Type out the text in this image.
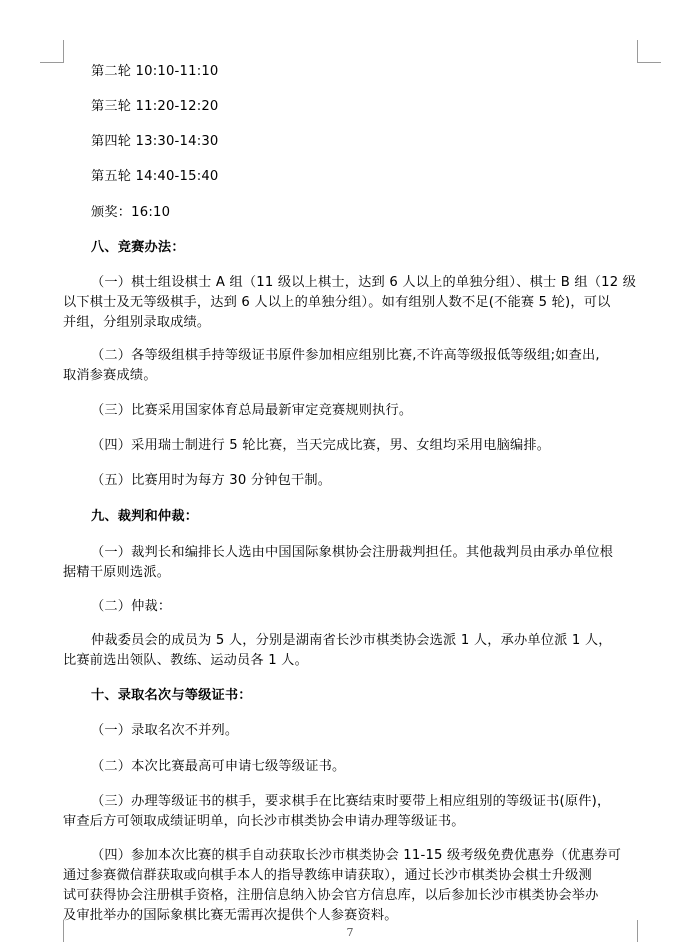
第二轮 10:10-11:10
第三轮 11:20-12:20
第四轮 13:30-14:30
第五轮 14:40-15:40
颁奖：16:10
八、竞赛办法：
（一）棋士组设棋士 A 组（11 级以上棋士，达到 6 人以上的单独分组）、棋士 B 组（12 级
以下棋士及无等级棋手，达到 6 人以上的单独分组）。如有组别人数不足(不能赛 5 轮)，可以
并组，分组别录取成绩。
（二）各等级组棋手持等级证书原件参加相应组别比赛,不许高等级报低等级组;如查出,
取消参赛成绩。
（三）比赛采用国家体育总局最新审定竞赛规则执行。
（四）采用瑞士制进行 5 轮比赛，当天完成比赛，男、女组均采用电脑编排。
（五）比赛用时为每方 30 分钟包干制。
九、裁判和仲裁：
（一）裁判长和编排长人选由中国国际象棋协会注册裁判担任。其他裁判员由承办单位根
据精干原则选派。
（二）仲裁：
仲裁委员会的成员为 5 人，分别是湖南省长沙市棋类协会选派 1 人，承办单位派 1 人，
比赛前选出领队、教练、运动员各 1 人。
十、录取名次与等级证书：
（一）录取名次不并列。
（二）本次比赛最高可申请七级等级证书。
（三）办理等级证书的棋手，要求棋手在比赛结束时要带上相应组别的等级证书(原件)，
审查后方可领取成绩证明单，向长沙市棋类协会申请办理等级证书。
（四）参加本次比赛的棋手自动获取长沙市棋类协会 11-15 级考级免费优惠券（优惠券可
通过参赛微信群获取或向棋手本人的指导教练申请获取），通过长沙市棋类协会棋士升级测
试可获得协会注册棋手资格，注册信息纳入协会官方信息库，以后参加长沙市棋类协会举办
及审批举办的国际象棋比赛无需再次提供个人参赛资料。
7
